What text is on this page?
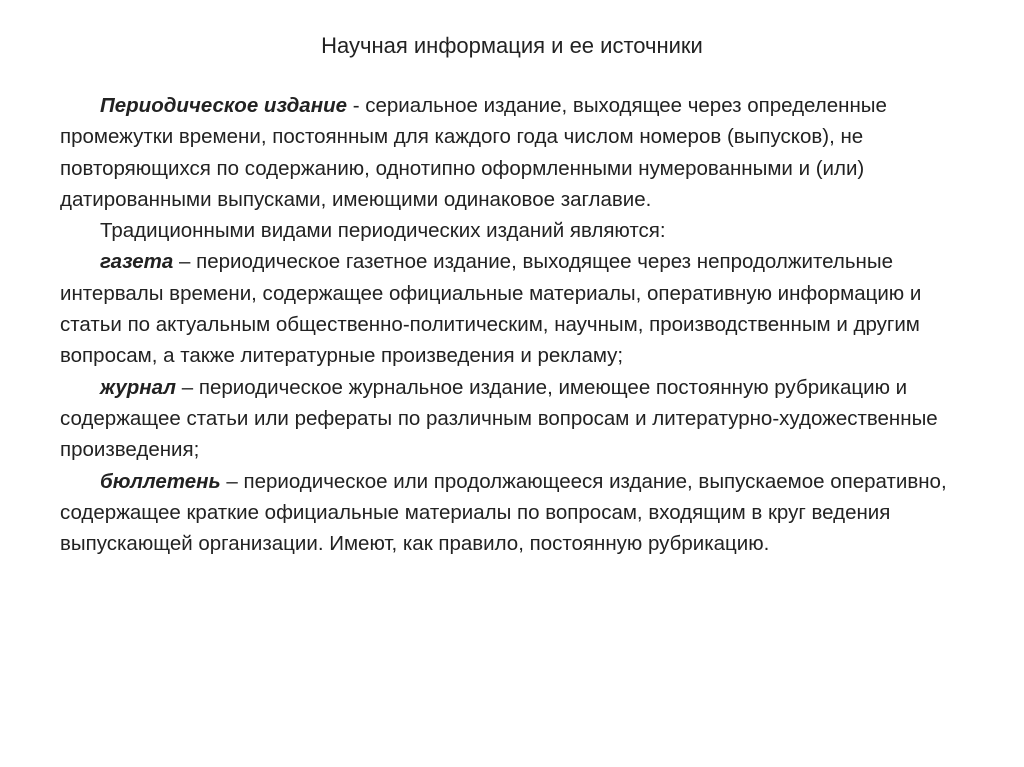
Научная информация и ее источники

Периодическое издание - сериальное издание, выходящее через определенные промежутки времени, постоянным для каждого года числом номеров (выпусков), не повторяющихся по содержанию, однотипно оформленными нумерованными и (или) датированными выпусками, имеющими одинаковое заглавие.

Традиционными видами периодических изданий являются:

газета – периодическое газетное издание, выходящее через непродолжительные интервалы времени, содержащее официальные материалы, оперативную информацию и статьи по актуальным общественно-политическим, научным, производственным и другим вопросам, а также литературные произведения и рекламу;

журнал – периодическое журнальное издание, имеющее постоянную рубрикацию и содержащее статьи или рефераты по различным вопросам и литературно-художественные произведения;

бюллетень – периодическое или продолжающееся издание, выпускаемое оперативно, содержащее краткие официальные материалы по вопросам, входящим в круг ведения выпускающей организации. Имеют, как правило, постоянную рубрикацию.
